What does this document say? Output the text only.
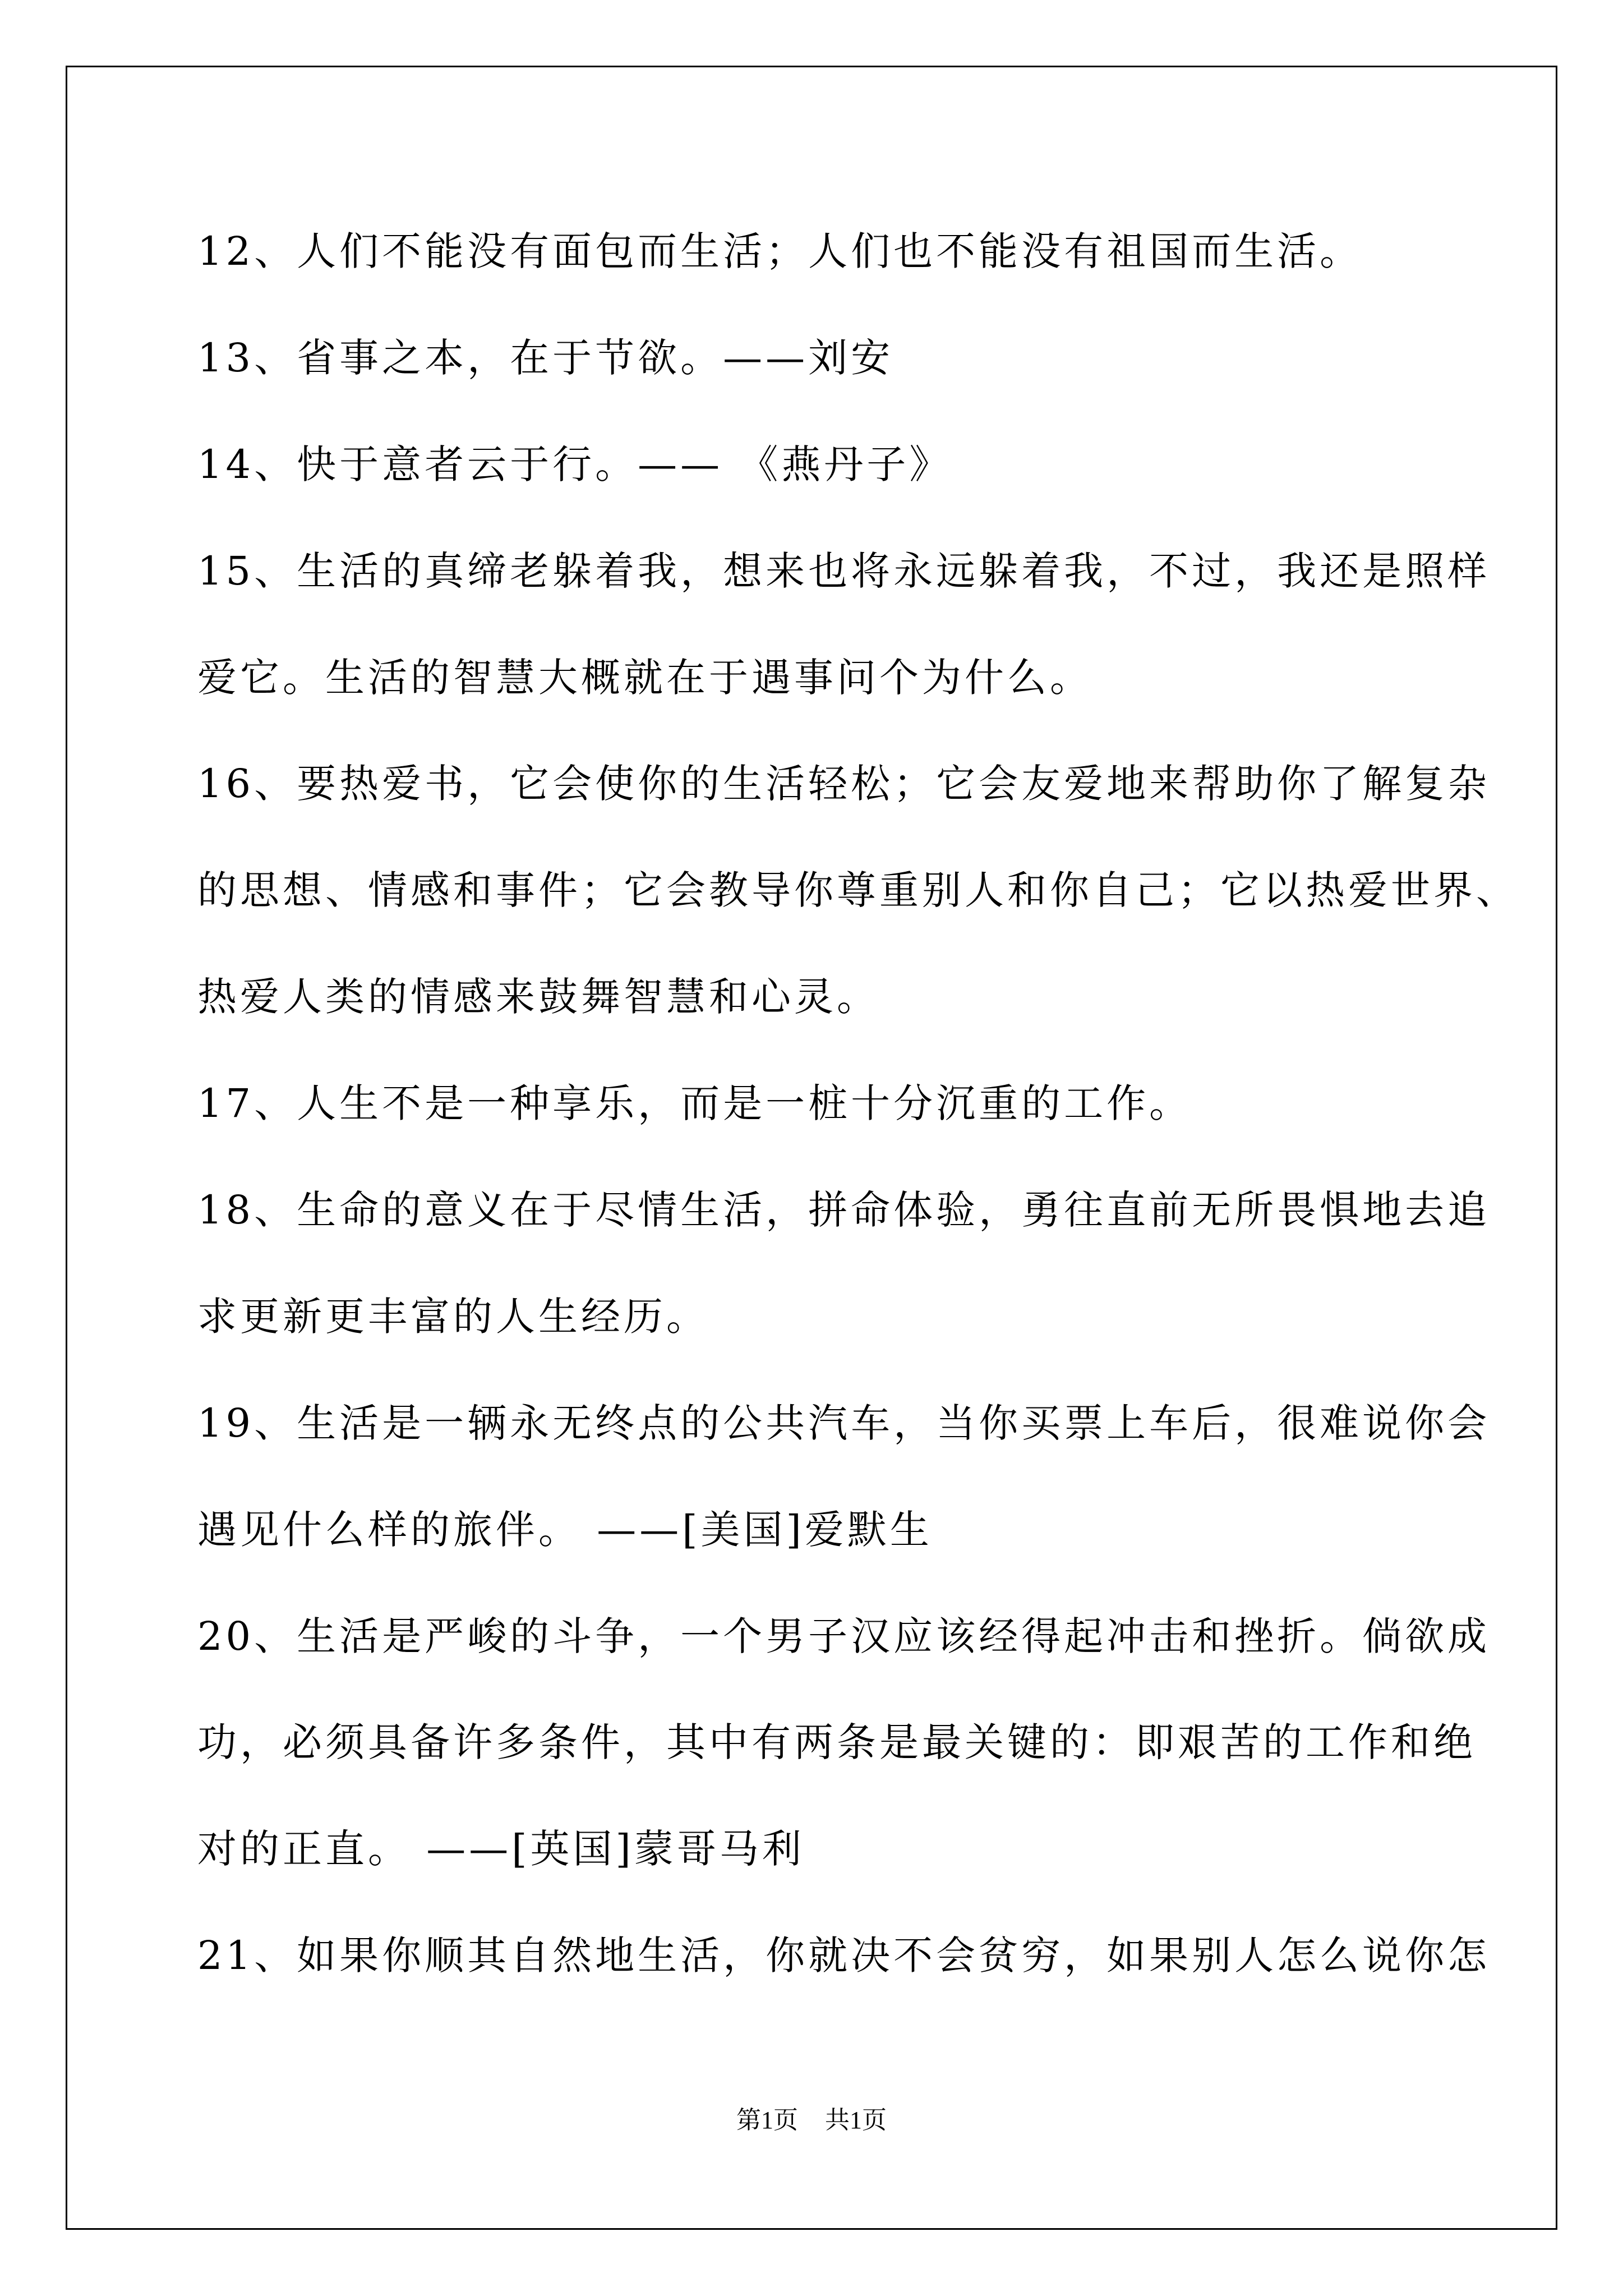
12、人们不能没有面包而生活；人们也不能没有祖国而生活。
13、省事之本，在于节欲。——刘安
14、快于意者云于行。—— 《燕丹子》
15、生活的真缔老躲着我，想来也将永远躲着我，不过，我还是照样
爱它。生活的智慧大概就在于遇事问个为什么。
16、要热爱书，它会使你的生活轻松；它会友爱地来帮助你了解复杂
的思想、情感和事件；它会教导你尊重别人和你自己；它以热爱世界、
热爱人类的情感来鼓舞智慧和心灵。
17、人生不是一种享乐，而是一桩十分沉重的工作。
18、生命的意义在于尽情生活，拼命体验，勇往直前无所畏惧地去追
求更新更丰富的人生经历。
19、生活是一辆永无终点的公共汽车，当你买票上车后，很难说你会
遇见什么样的旅伴。 ——[美国]爱默生
20、生活是严峻的斗争，一个男子汉应该经得起冲击和挫折。倘欲成
功，必须具备许多条件，其中有两条是最关键的：即艰苦的工作和绝
对的正直。 ——[英国]蒙哥马利
21、如果你顺其自然地生活，你就决不会贫穷，如果别人怎么说你怎
第1页 共1页
